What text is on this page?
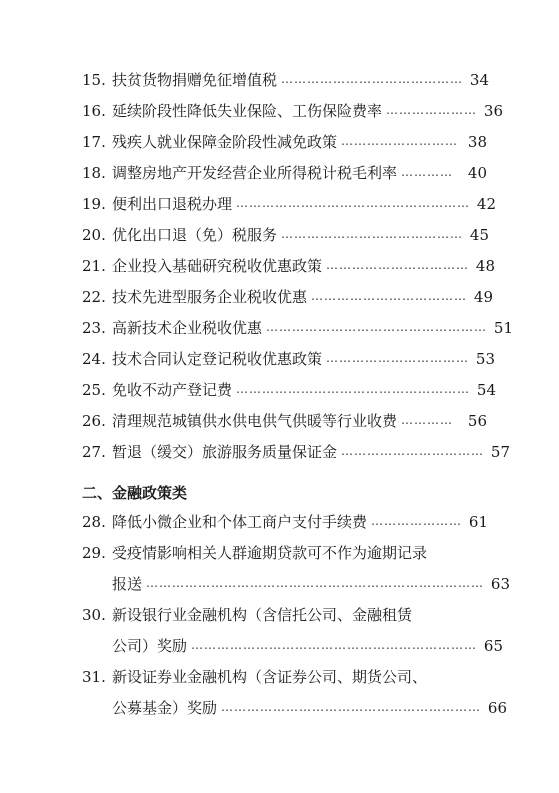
15. 扶贫货物捐赠免征增值税 …………………………………… 34
16. 延续阶段性降低失业保险、工伤保险费率 ………………… 36
17. 残疾人就业保障金阶段性减免政策 ……………………… 38
18. 调整房地产开发经营企业所得税计税毛利率 ………… 40
19. 便利出口退税办理 ……………………………………………… 42
20. 优化出口退（免）税服务 …………………………………… 45
21. 企业投入基础研究税收优惠政策 …………………………… 48
22. 技术先进型服务企业税收优惠 ……………………………… 49
23. 高新技术企业税收优惠 …………………………………………… 51
24. 技术合同认定登记税收优惠政策 …………………………… 53
25. 免收不动产登记费 ……………………………………………… 54
26. 清理规范城镇供水供电供气供暖等行业收费 ………… 56
27. 暂退（缓交）旅游服务质量保证金 …………………………… 57
28. 降低小微企业和个体工商户支付手续费 ………………… 61
29. 受疫情影响相关人群逾期贷款可不作为逾期记录
报送 …………………………………………………………………… 63
30. 新设银行业金融机构（含信托公司、金融租赁
公司）奖励 ………………………………………………………… 65
31. 新设证券业金融机构（含证券公司、期货公司、
公募基金）奖励 …………………………………………………… 66
二、金融政策类
